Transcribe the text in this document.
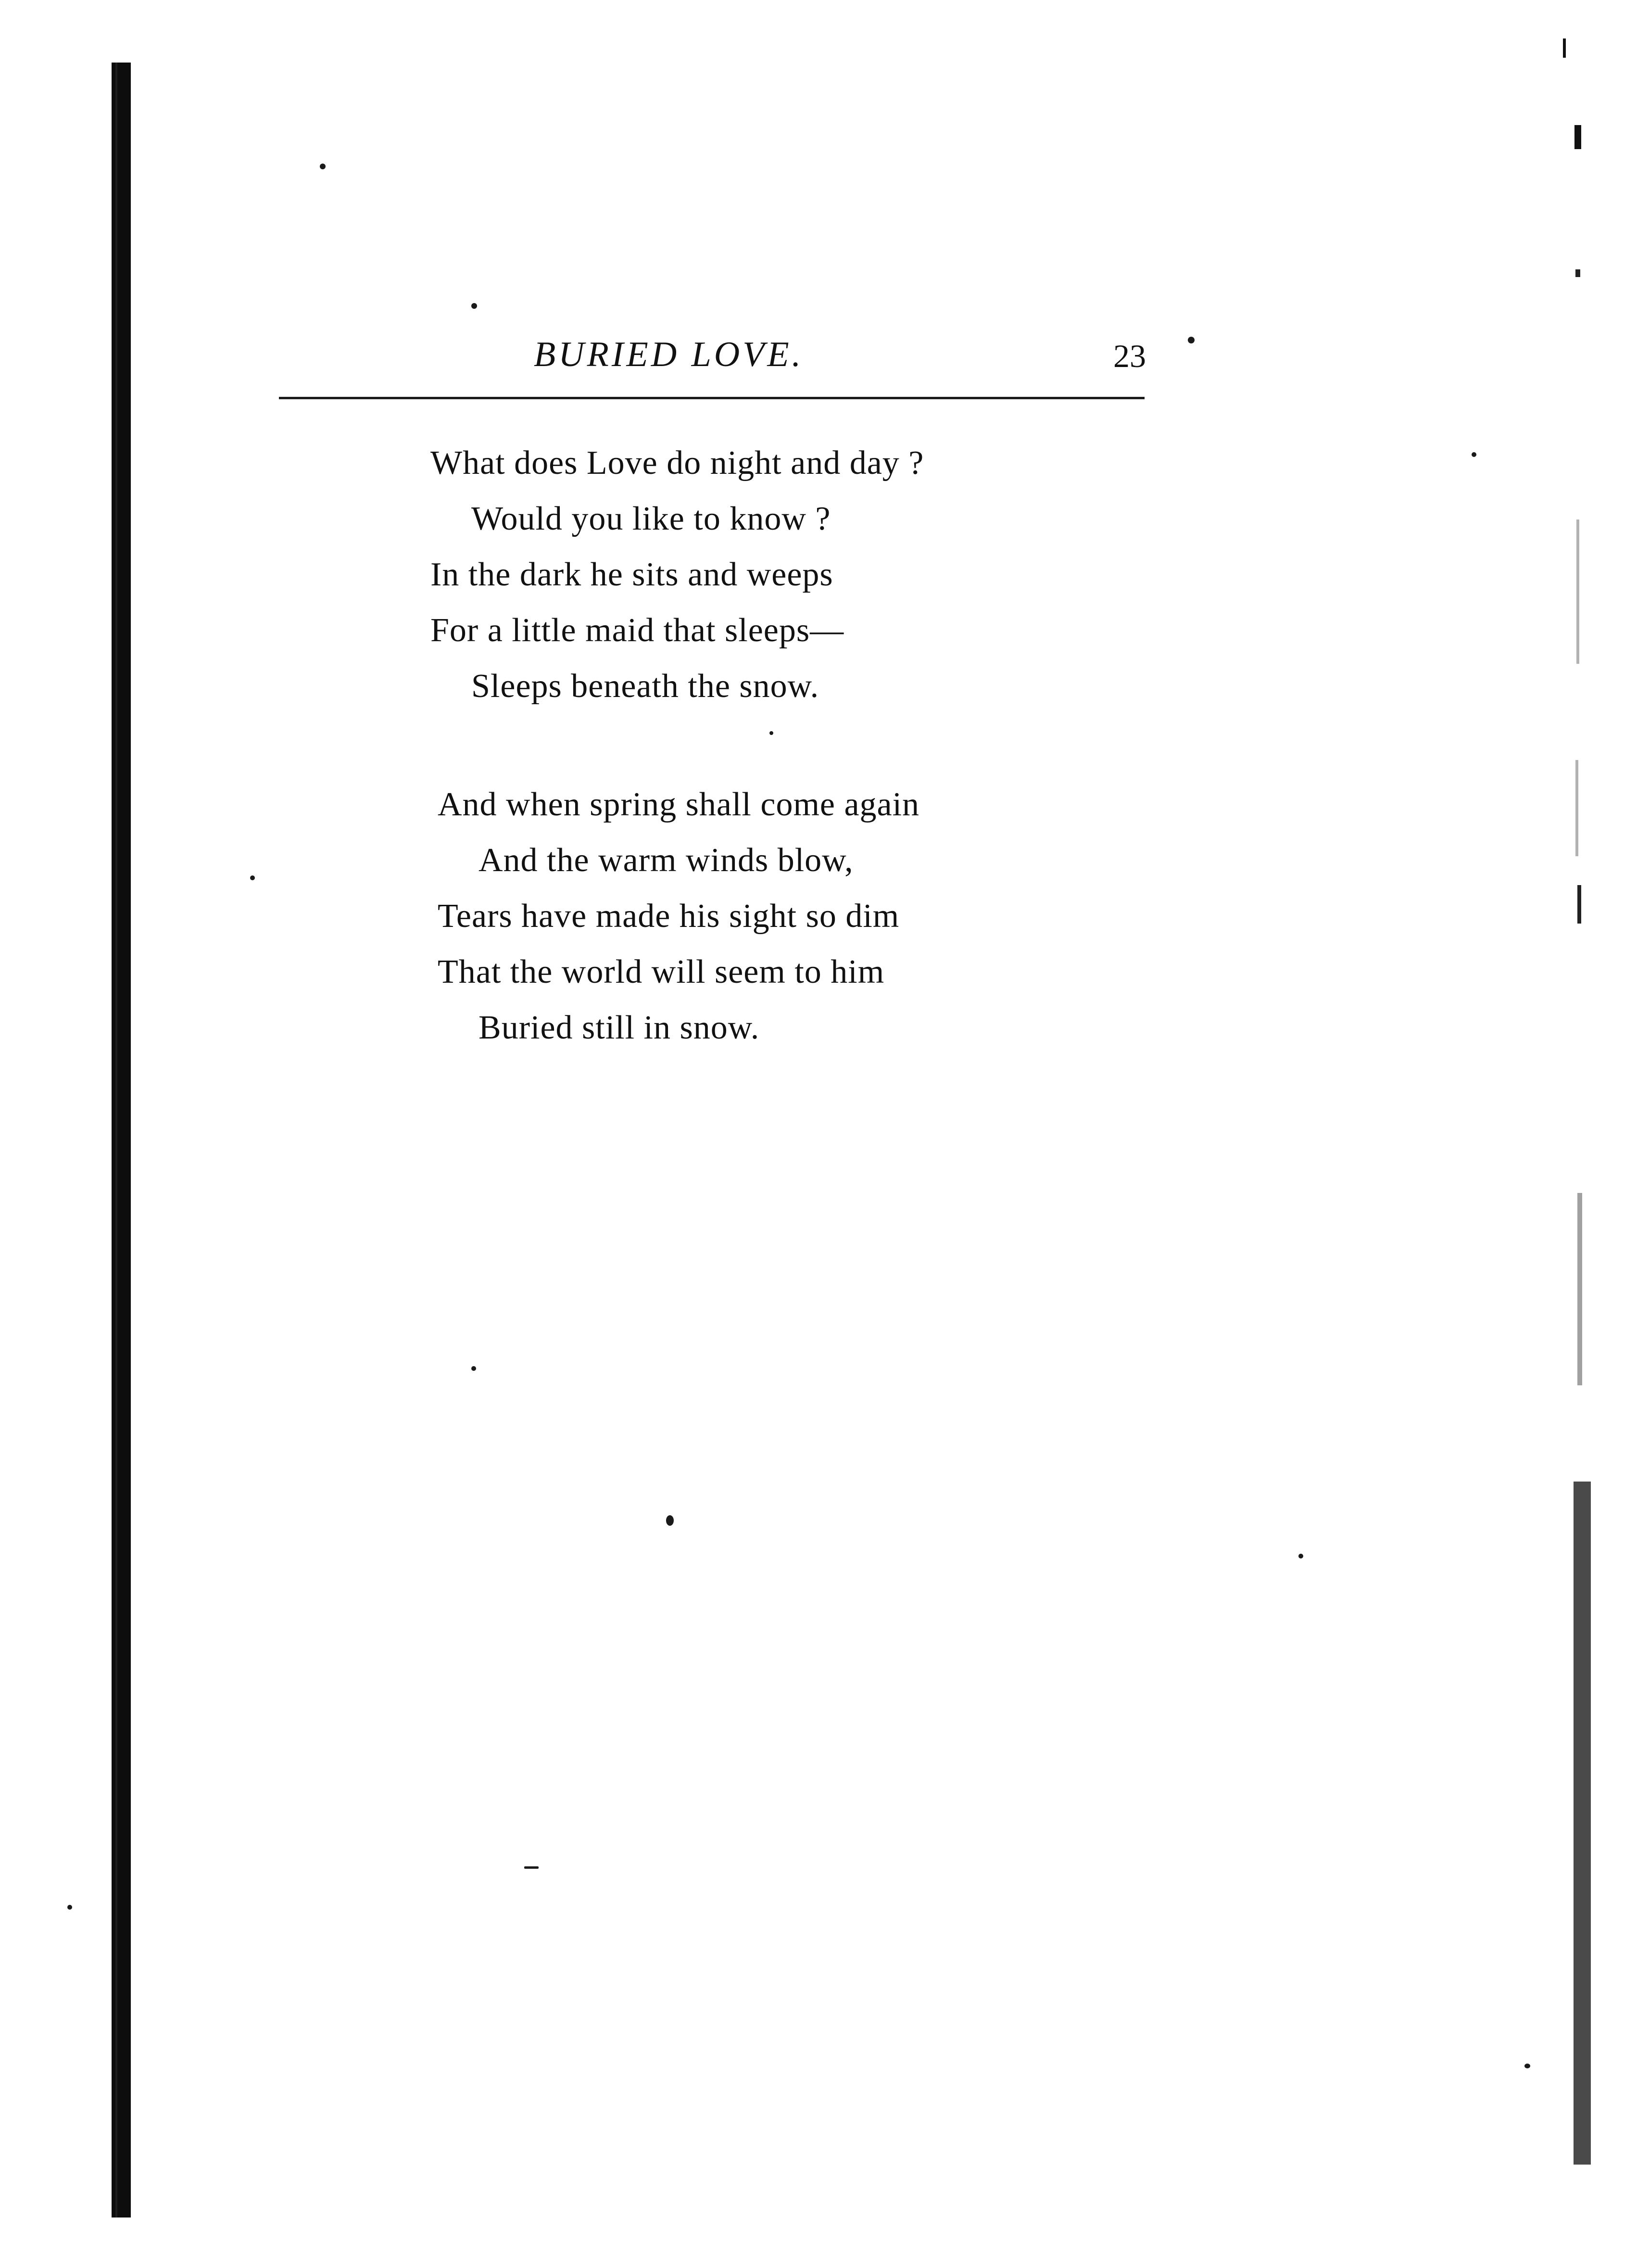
BURIED LOVE.	23
What does Love do night and day ?
Would you like to know ?
In the dark he sits and weeps
For a little maid that sleeps—
Sleeps beneath the snow.
And when spring shall come again
And the warm winds blow,
Tears have made his sight so dim
That the world will seem to him
Buried still in snow.
